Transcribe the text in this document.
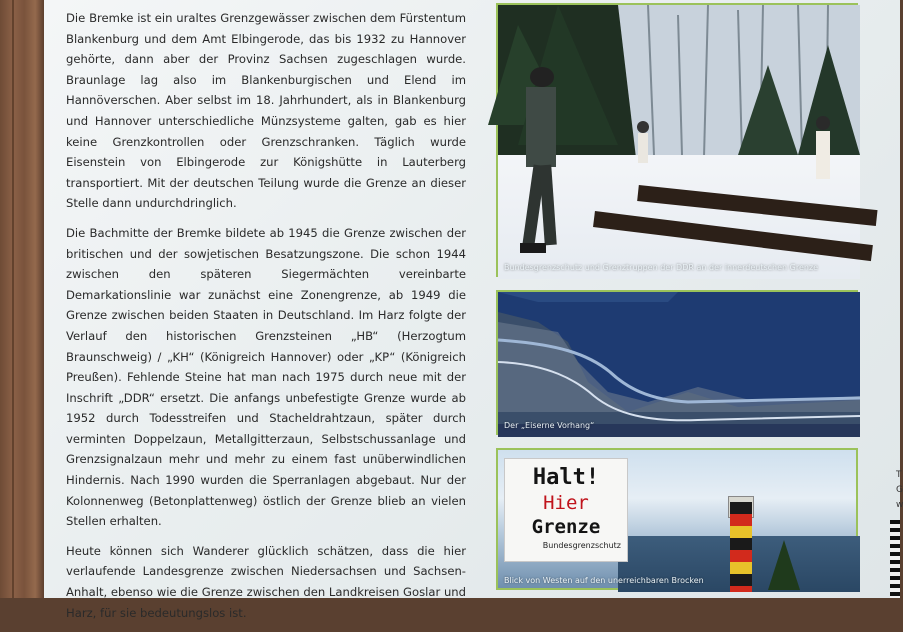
Die Bremke ist ein uraltes Grenzgewässer zwischen dem Fürstentum Blankenburg und dem Amt Elbingerode, das bis 1932 zu Hannover gehörte, dann aber der Provinz Sachsen zugeschlagen wurde. Braunlage lag also im Blankenburgischen und Elend im Hannöverschen. Aber selbst im 18. Jahrhundert, als in Blankenburg und Hannover unterschiedliche Münzsysteme galten, gab es hier keine Grenzkontrollen oder Grenzschranken. Täglich wurde Eisenstein von Elbingerode zur Königshütte in Lauterberg transportiert. Mit der deutschen Teilung wurde die Grenze an dieser Stelle dann undurchdringlich.

Die Bachmitte der Bremke bildete ab 1945 die Grenze zwischen der britischen und der sowjetischen Besatzungszone. Die schon 1944 zwischen den späteren Siegermächten vereinbarte Demarkationslinie war zunächst eine Zonengrenze, ab 1949 die Grenze zwischen beiden Staaten in Deutschland. Im Harz folgte der Verlauf den historischen Grenzsteinen „HB“ (Herzogtum Braunschweig) / „KH“ (Königreich Hannover) oder „KP“ (Königreich Preußen). Fehlende Steine hat man nach 1975 durch neue mit der Inschrift „DDR“ ersetzt. Die anfangs unbefestigte Grenze wurde ab 1952 durch Todesstreifen und Stacheldrahtzaun, später durch verminten Doppelzaun, Metallgitterzaun, Selbstschussanlage und Grenzsignalzaun mehr und mehr zu einem fast unüberwindlichen Hindernis. Nach 1990 wurden die Sperranlagen abgebaut. Nur der Kolonnenweg (Betonplattenweg) östlich der Grenze blieb an vielen Stellen erhalten.

Heute können sich Wanderer glücklich schätzen, dass die hier verlaufende Landesgrenze zwischen Niedersachsen und Sachsen-Anhalt, ebenso wie die Grenze zwischen den Landkreisen Goslar und Harz, für sie bedeutungslos ist.

Bundesgrenzschutz und Grenztruppen der DDR an der innerdeutschen Grenze
Der „Eiserne Vorhang“
Halt!
Hier
Grenze
Bundesgrenzschutz
Blick von Westen auf den unerreichbaren Brocken
T
G
w
